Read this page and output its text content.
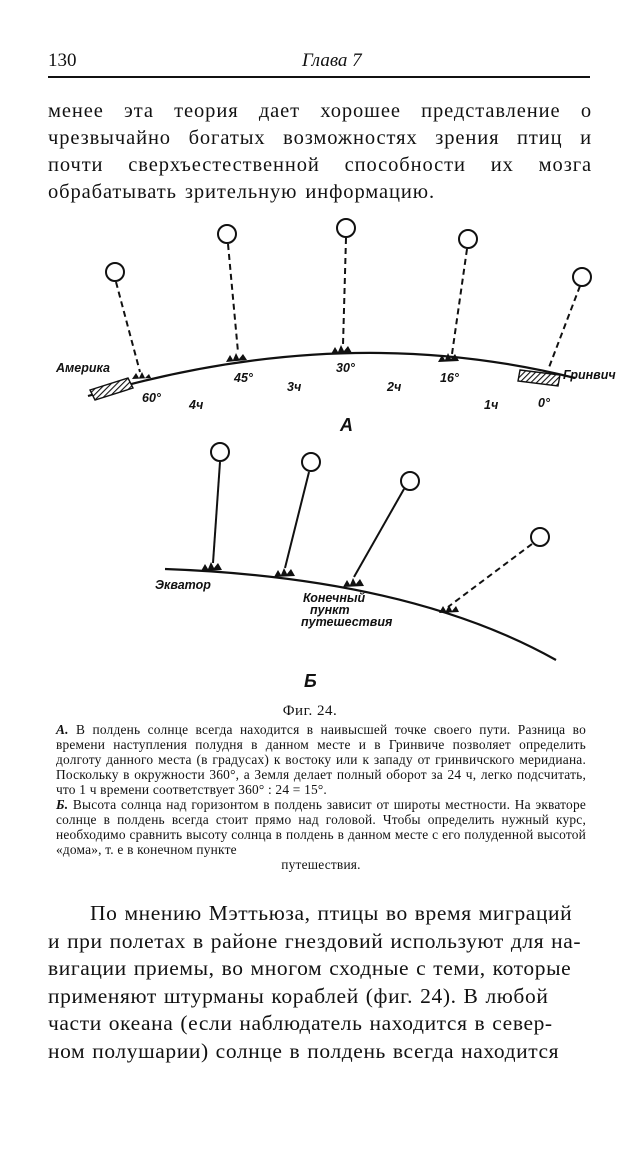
130	Глава 7
менее эта теория дает хорошее представление о чрезвычайно богатых возможностях зрения птиц и почти сверхъестественной способности их мозга обрабатывать зрительную информацию.
Америка	Гринвич
60°
45°
30°
16°
0°
4ч
3ч	2ч
1ч
А
Экватор
Конечный
пункт
путешествия
Б
Фиг. 24.

А. В полдень солнце всегда находится в наивысшей точке своего пути. Разница во времени наступления полудня в данном месте и в Гринвиче позволяет определить долготу данного места (в градусах) к востоку или к западу от гринвичского меридиана. Поскольку в окружности 360°, а Земля делает полный оборот за 24 ч, легко подсчитать, что 1 ч времени соответствует 360° : 24 = 15°.

Б. Высота солнца над горизонтом в полдень зависит от широты местности. На экваторе солнце в полдень всегда стоит прямо над головой. Чтобы определить нужный курс, необходимо сравнить высоту солнца в полдень в данном месте с его полуденной высотой «дома», т. е в конечном пункте

путешествия.

По мнению Мэттьюза, птицы во время миграций
и при полетах в районе гнездовий используют для на-
вигации приемы, во многом сходные с теми, которые
применяют штурманы кораблей (фиг. 24). В любой
части океана (если наблюдатель находится в север-
ном полушарии) солнце в полдень всегда находится
